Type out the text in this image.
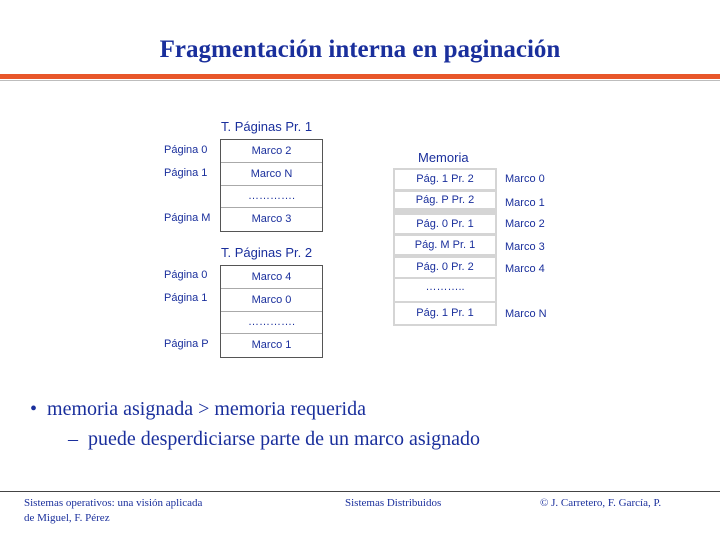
Fragmentación interna en paginación
T. Páginas Pr. 1
Página 0
Página 1
Página M
Marco 2
Marco N
………….
Marco 3
T. Páginas Pr. 2
Página 0
Página 1
Página P
Marco 4
Marco 0
………….
Marco 1
Memoria
Pág. 1 Pr. 2
Pág. P Pr. 2
Pág. 0 Pr. 1
Pág. M Pr. 1
Pág. 0 Pr. 2
………..
Pág. 1 Pr. 1
Marco 0
Marco 1
Marco 2
Marco 3
Marco 4
Marco N
•  memoria asignada > memoria requerida
–  puede desperdiciarse parte de un marco asignado
Sistemas operativos: una visión aplicada
de Miguel, F. Pérez
Sistemas Distribuidos	© J. Carretero, F. García, P.
